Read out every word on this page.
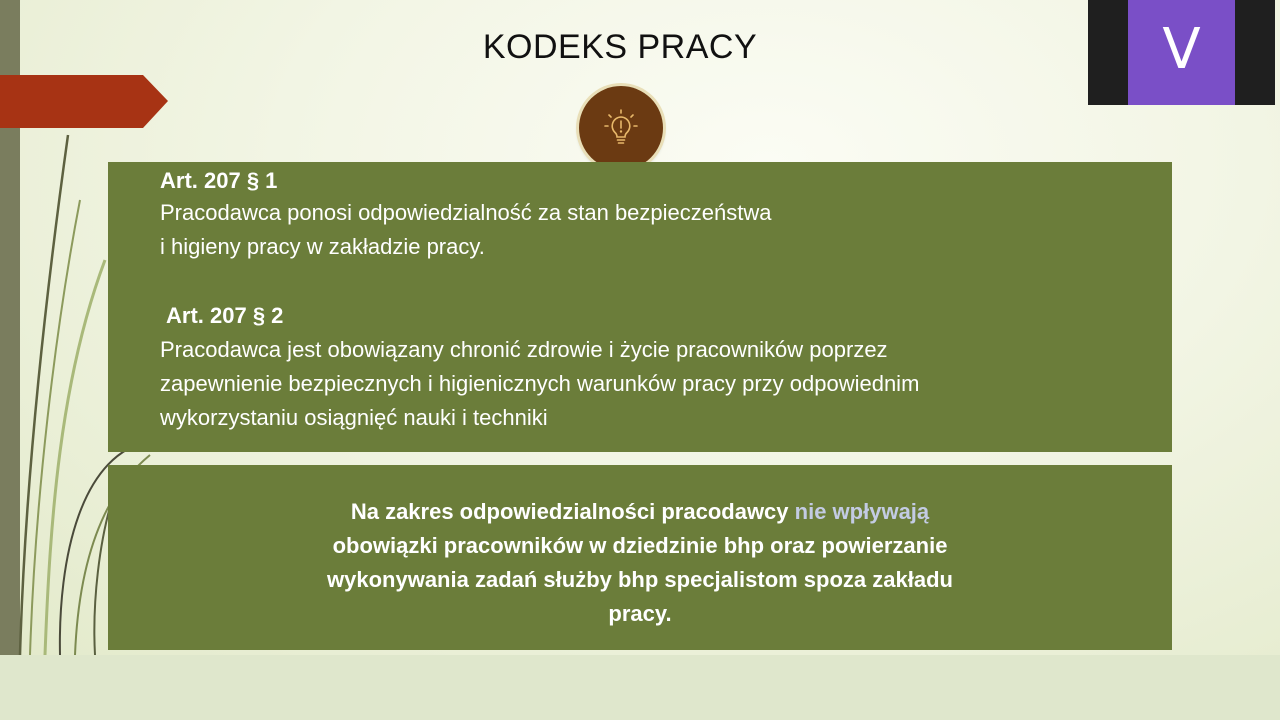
KODEKS PRACY
Art. 207 § 1
Pracodawca ponosi odpowiedzialność za stan bezpieczeństwa
i higieny pracy w zakładzie pracy.
Art. 207 § 2
Pracodawca jest obowiązany chronić zdrowie i życie pracowników poprzez
zapewnienie bezpiecznych i higienicznych warunków pracy przy odpowiednim
wykorzystaniu osiągnięć nauki i techniki
Na zakres odpowiedzialności pracodawcy nie wpływają
obowiązki pracowników w dziedzinie bhp oraz powierzanie
wykonywania zadań służby bhp specjalistom spoza zakładu
pracy.
V
